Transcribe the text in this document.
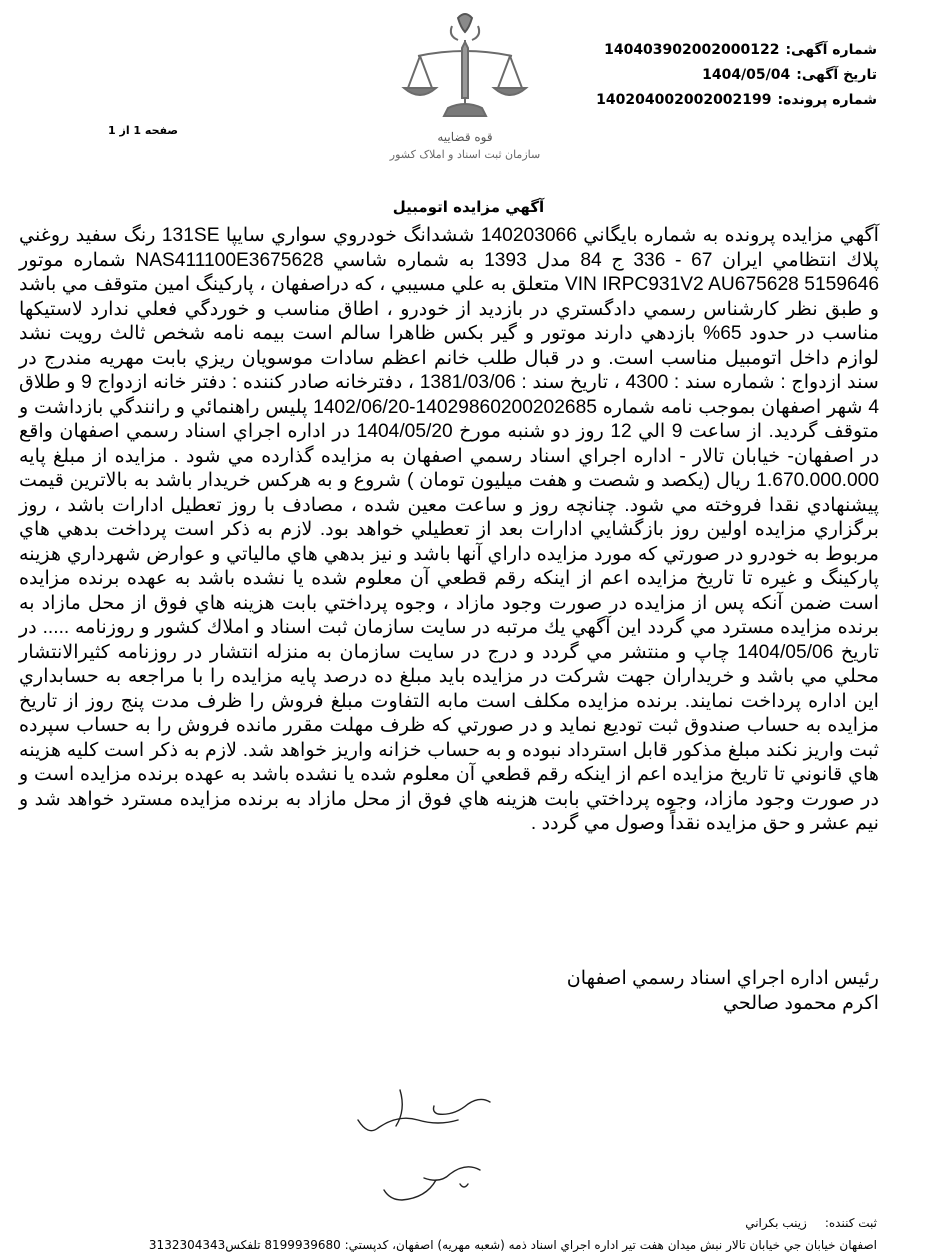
شماره آگهی:
140403902002000122
تاریخ آگهی:
1404/05/04
شماره پرونده:
140204002002002199
قوه قضاییه
سازمان ثبت اسناد و املاک کشور
صفحه 1 از 1
آگهي مزايده اتومبيل

آگهي مزايده پرونده به شماره بايگاني 140203066 ششدانگ خودروي سواري سايپا 131SE رنگ سفيد روغني پلاك انتظامي ايران 67 - 336 ج 84 مدل 1393 به شماره شاسي NAS411100E3675628 شماره موتور 5159646 VIN IRPC931V2 AU675628 متعلق به علي مسيبي ، كه دراصفهان ، پاركينگ امين متوقف مي باشد و طبق نظر كارشناس رسمي دادگستري در بازديد از خودرو ، اطاق مناسب و خوردگي فعلي ندارد لاستيكها مناسب در حدود 65% بازدهي دارند موتور و گير بكس ظاهرا سالم است بيمه نامه شخص ثالث رويت نشد لوازم داخل اتومبيل مناسب است. و در قبال طلب خانم اعظم سادات موسويان ريزي بابت مهريه مندرج در سند ازدواج : شماره سند : 4300 ، تاريخ سند : 1381/03/06 ، دفترخانه صادر كننده : دفتر خانه ازدواج 9 و طلاق 4 شهر اصفهان بموجب نامه شماره 14029860200202685-1402/06/20 پليس راهنمائي و رانندگي بازداشت و متوقف گرديد. از ساعت 9 الي 12 روز دو شنبه مورخ 1404/05/20 در اداره اجراي اسناد رسمي اصفهان واقع در اصفهان- خيابان تالار - اداره اجراي اسناد رسمي اصفهان به مزايده گذارده مي شود . مزايده از مبلغ پايه 1.670.000.000 ريال (يكصد و شصت و هفت ميليون تومان ) شروع و به هركس خريدار باشد به بالاترين قيمت پيشنهادي نقدا فروخته مي شود. چنانچه روز و ساعت معين شده ، مصادف با روز تعطيل ادارات باشد ، روز برگزاري مزايده اولين روز بازگشايي ادارات بعد از تعطيلي خواهد بود. لازم به ذكر است پرداخت بدهي هاي مربوط به خودرو در صورتي كه مورد مزايده داراي آنها باشد و نيز بدهي هاي مالياتي و عوارض شهرداري هزينه پاركينگ و غيره تا تاريخ مزايده اعم از اينكه رقم قطعي آن معلوم شده يا نشده باشد به عهده برنده مزايده است ضمن آنكه پس از مزايده در صورت وجود مازاد ، وجوه پرداختي بابت هزينه هاي فوق از محل مازاد به برنده مزايده مسترد مي گردد اين آگهي يك مرتبه در سايت سازمان ثبت اسناد و املاك كشور و روزنامه ..... در تاريخ 1404/05/06 چاپ و منتشر مي گردد و درج در سايت سازمان به منزله انتشار در روزنامه كثيرالانتشار محلي مي باشد و خريداران جهت شركت در مزايده بايد مبلغ ده درصد پايه مزايده را با مراجعه به حسابداري اين اداره پرداخت نمايند. برنده مزايده مكلف است مابه التفاوت مبلغ فروش را ظرف مدت پنج روز از تاريخ مزايده به حساب صندوق ثبت توديع نمايد و در صورتي كه ظرف مهلت مقرر مانده فروش را به حساب سپرده ثبت واريز نكند مبلغ مذكور قابل استرداد نبوده و به حساب خزانه واريز خواهد شد. لازم به ذكر است كليه هزينه هاي قانوني تا تاريخ مزايده اعم از اينكه رقم قطعي آن معلوم شده يا نشده باشد به عهده برنده مزايده است و در صورت وجود مازاد، وجوه پرداختي بابت هزينه هاي فوق از محل مازاد به برنده مزايده مسترد خواهد شد و نيم عشر و حق مزايده نقداً وصول مي گردد .

رئيس اداره اجراي اسناد رسمي اصفهان
اكرم محمود صالحي
ثبت کننده:
زينب بكراني
اصفهان خيابان جي خيابان تالار نبش ميدان هفت تير اداره اجراي اسناد ذمه (شعبه مهريه) اصفهان، كدپستي: 8199939680 تلفكس3132304343
